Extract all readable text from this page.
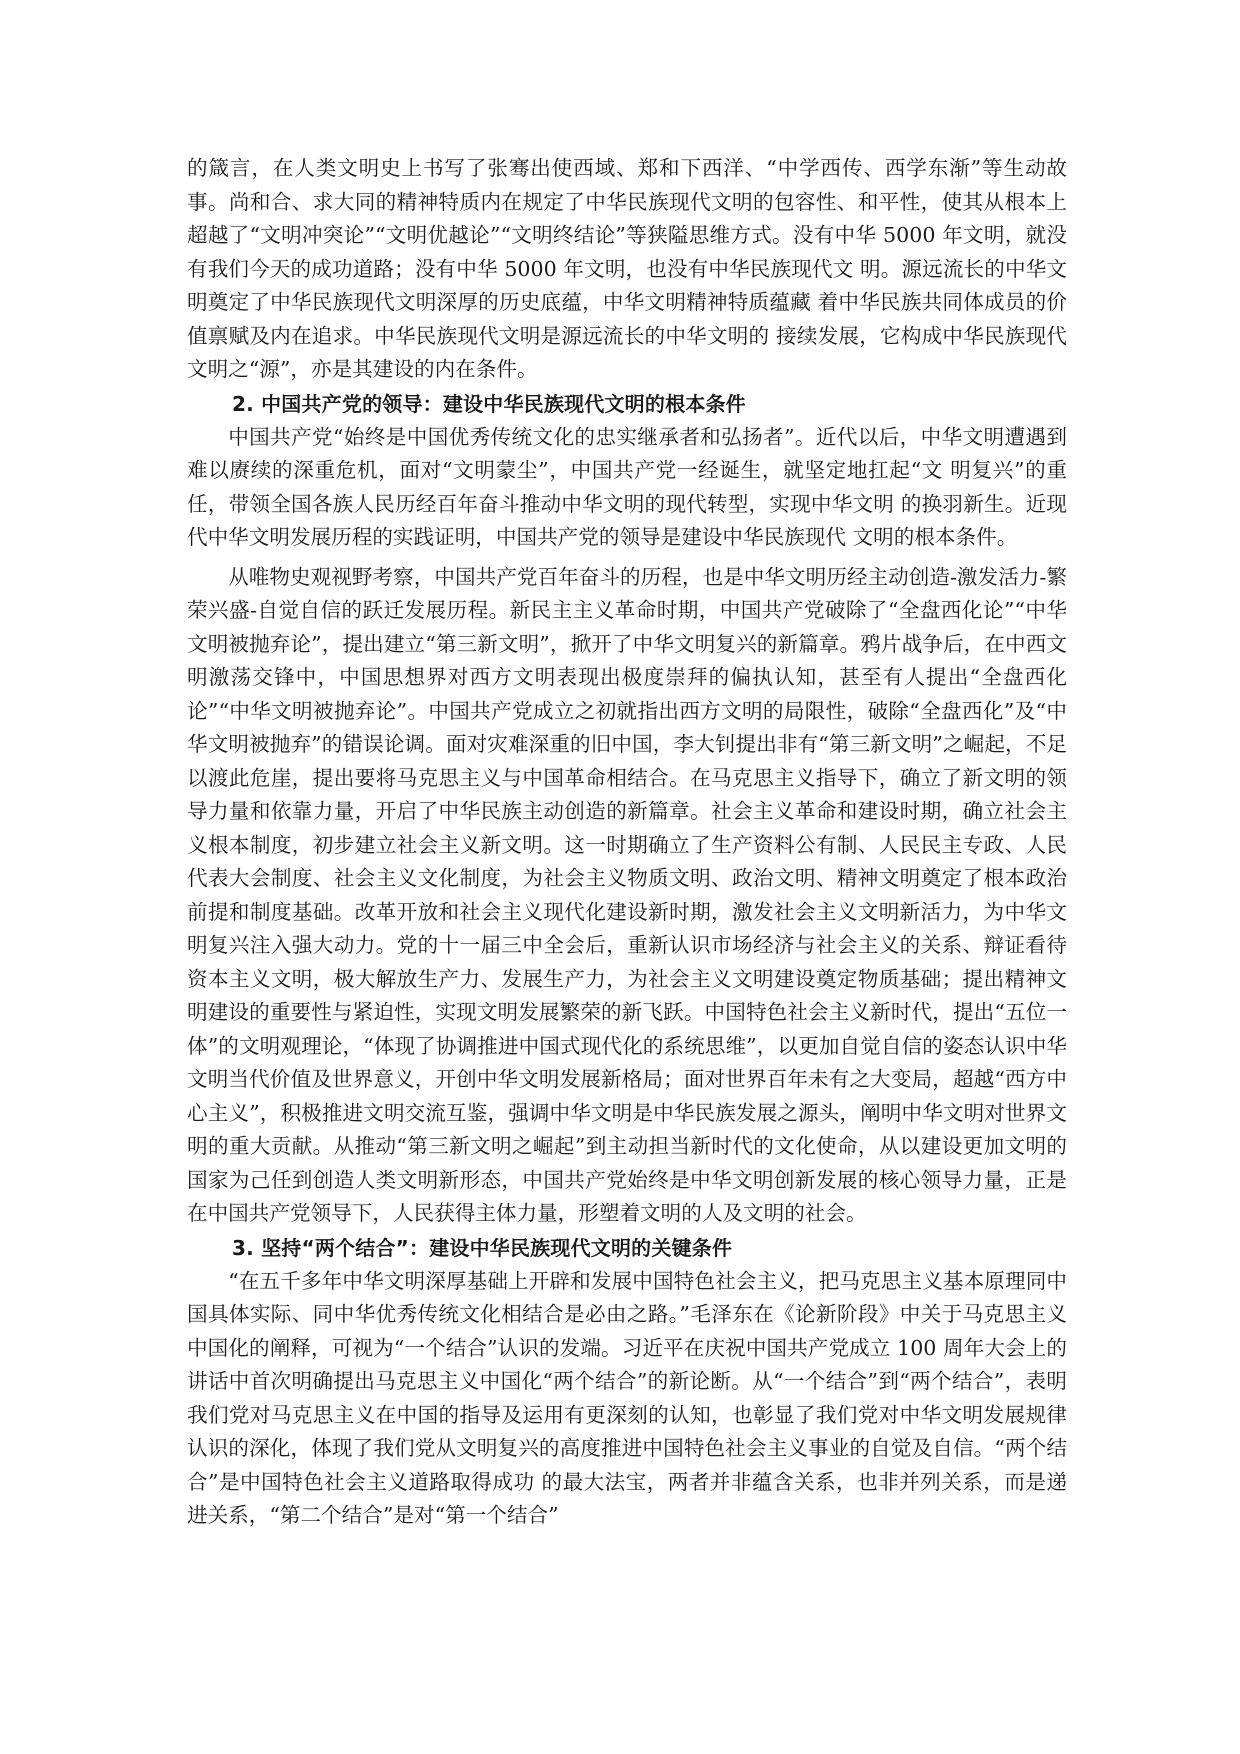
的箴言，在人类文明史上书写了张骞出使西域、郑和下西洋、“中学西传、西学东渐”等生动故事。尚和合、求大同的精神特质内在规定了中华民族现代文明的包容性、和平性，使其从根本上超越了“文明冲突论”“文明优越论”“文明终结论”等狭隘思维方式。没有中华 5000 年文明，就没有我们今天的成功道路；没有中华 5000 年文明，也没有中华民族现代文 明。源远流长的中华文明奠定了中华民族现代文明深厚的历史底蕴，中华文明精神特质蕴藏 着中华民族共同体成员的价值禀赋及内在追求。中华民族现代文明是源远流长的中华文明的 接续发展，它构成中华民族现代文明之“源”，亦是其建设的内在条件。

2. 中国共产党的领导：建设中华民族现代文明的根本条件

中国共产党“始终是中国优秀传统文化的忠实继承者和弘扬者”。近代以后，中华文明遭遇到难以赓续的深重危机，面对“文明蒙尘”，中国共产党一经诞生，就坚定地扛起“文 明复兴”的重任，带领全国各族人民历经百年奋斗推动中华文明的现代转型，实现中华文明 的换羽新生。近现代中华文明发展历程的实践证明，中国共产党的领导是建设中华民族现代 文明的根本条件。

从唯物史观视野考察，中国共产党百年奋斗的历程，也是中华文明历经主动创造-激发活力-繁荣兴盛-自觉自信的跃迁发展历程。新民主主义革命时期，中国共产党破除了“全盘西化论”“中华文明被抛弃论”，提出建立“第三新文明”，掀开了中华文明复兴的新篇章。鸦片战争后，在中西文明激荡交锋中，中国思想界对西方文明表现出极度崇拜的偏执认知，甚至有人提出“全盘西化论”“中华文明被抛弃论”。中国共产党成立之初就指出西方文明的局限性，破除“全盘西化”及“中华文明被抛弃”的错误论调。面对灾难深重的旧中国，李大钊提出非有“第三新文明”之崛起，不足以渡此危崖，提出要将马克思主义与中国革命相结合。在马克思主义指导下，确立了新文明的领导力量和依靠力量，开启了中华民族主动创造的新篇章。社会主义革命和建设时期，确立社会主义根本制度，初步建立社会主义新文明。这一时期确立了生产资料公有制、人民民主专政、人民代表大会制度、社会主义文化制度，为社会主义物质文明、政治文明、精神文明奠定了根本政治前提和制度基础。改革开放和社会主义现代化建设新时期，激发社会主义文明新活力，为中华文明复兴注入强大动力。党的十一届三中全会后，重新认识市场经济与社会主义的关系、辩证看待资本主义文明，极大解放生产力、发展生产力，为社会主义文明建设奠定物质基础；提出精神文明建设的重要性与紧迫性，实现文明发展繁荣的新飞跃。中国特色社会主义新时代，提出“五位一体”的文明观理论，“体现了协调推进中国式现代化的系统思维”，以更加自觉自信的姿态认识中华文明当代价值及世界意义，开创中华文明发展新格局；面对世界百年未有之大变局，超越“西方中心主义”，积极推进文明交流互鉴，强调中华文明是中华民族发展之源头，阐明中华文明对世界文明的重大贡献。从推动“第三新文明之崛起”到主动担当新时代的文化使命，从以建设更加文明的国家为己任到创造人类文明新形态，中国共产党始终是中华文明创新发展的核心领导力量，正是在中国共产党领导下，人民获得主体力量，形塑着文明的人及文明的社会。

3. 坚持“两个结合”：建设中华民族现代文明的关键条件

“在五千多年中华文明深厚基础上开辟和发展中国特色社会主义，把马克思主义基本原理同中国具体实际、同中华优秀传统文化相结合是必由之路。”毛泽东在《论新阶段》中关于马克思主义中国化的阐释，可视为“一个结合”认识的发端。习近平在庆祝中国共产党成立 100 周年大会上的讲话中首次明确提出马克思主义中国化“两个结合”的新论断。从“一个结合”到“两个结合”，表明我们党对马克思主义在中国的指导及运用有更深刻的认知，也彰显了我们党对中华文明发展规律认识的深化，体现了我们党从文明复兴的高度推进中国特色社会主义事业的自觉及自信。“两个结合”是中国特色社会主义道路取得成功 的最大法宝，两者并非蕴含关系，也非并列关系，而是递进关系，“第二个结合”是对“第一个结合”
